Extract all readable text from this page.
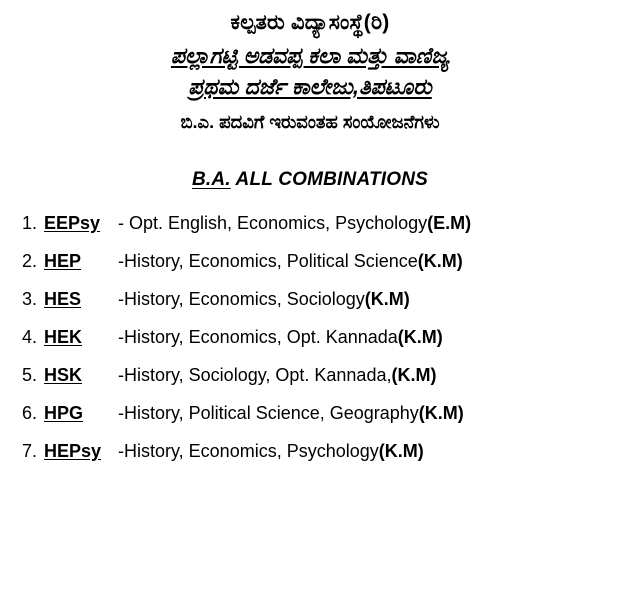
ಕಲ್ಪತರು ವಿದ್ಯಾಸಂಸ್ಥೆ(ರಿ)
ಪಲ್ಲಾಗಟ್ಟಿ ಅಡವಪ್ಪ ಕಲಾ ಮತ್ತು ವಾಣಿಜ್ಯ
ಪ್ರಥಮ ದರ್ಜೆ ಕಾಲೇಜು,ತಿಪಟೂರು
ಬಿ.ಎ. ಪದವಿಗೆ ಇರುವಂತಹ ಸಂಯೋಜನೆಗಳು
B.A. ALL COMBINATIONS
1. EEPsy - Opt. English, Economics, Psychology (E.M)
2. HEP	-History, Economics, Political Science (K.M)
3. HES	-History, Economics, Sociology (K.M)
4. HEK	-History, Economics, Opt. Kannada (K.M)
5. HSK	-History, Sociology, Opt. Kannada, (K.M)
6. HPG	-History, Political Science, Geography (K.M)
7. HEPsy -History, Economics, Psychology (K.M)
